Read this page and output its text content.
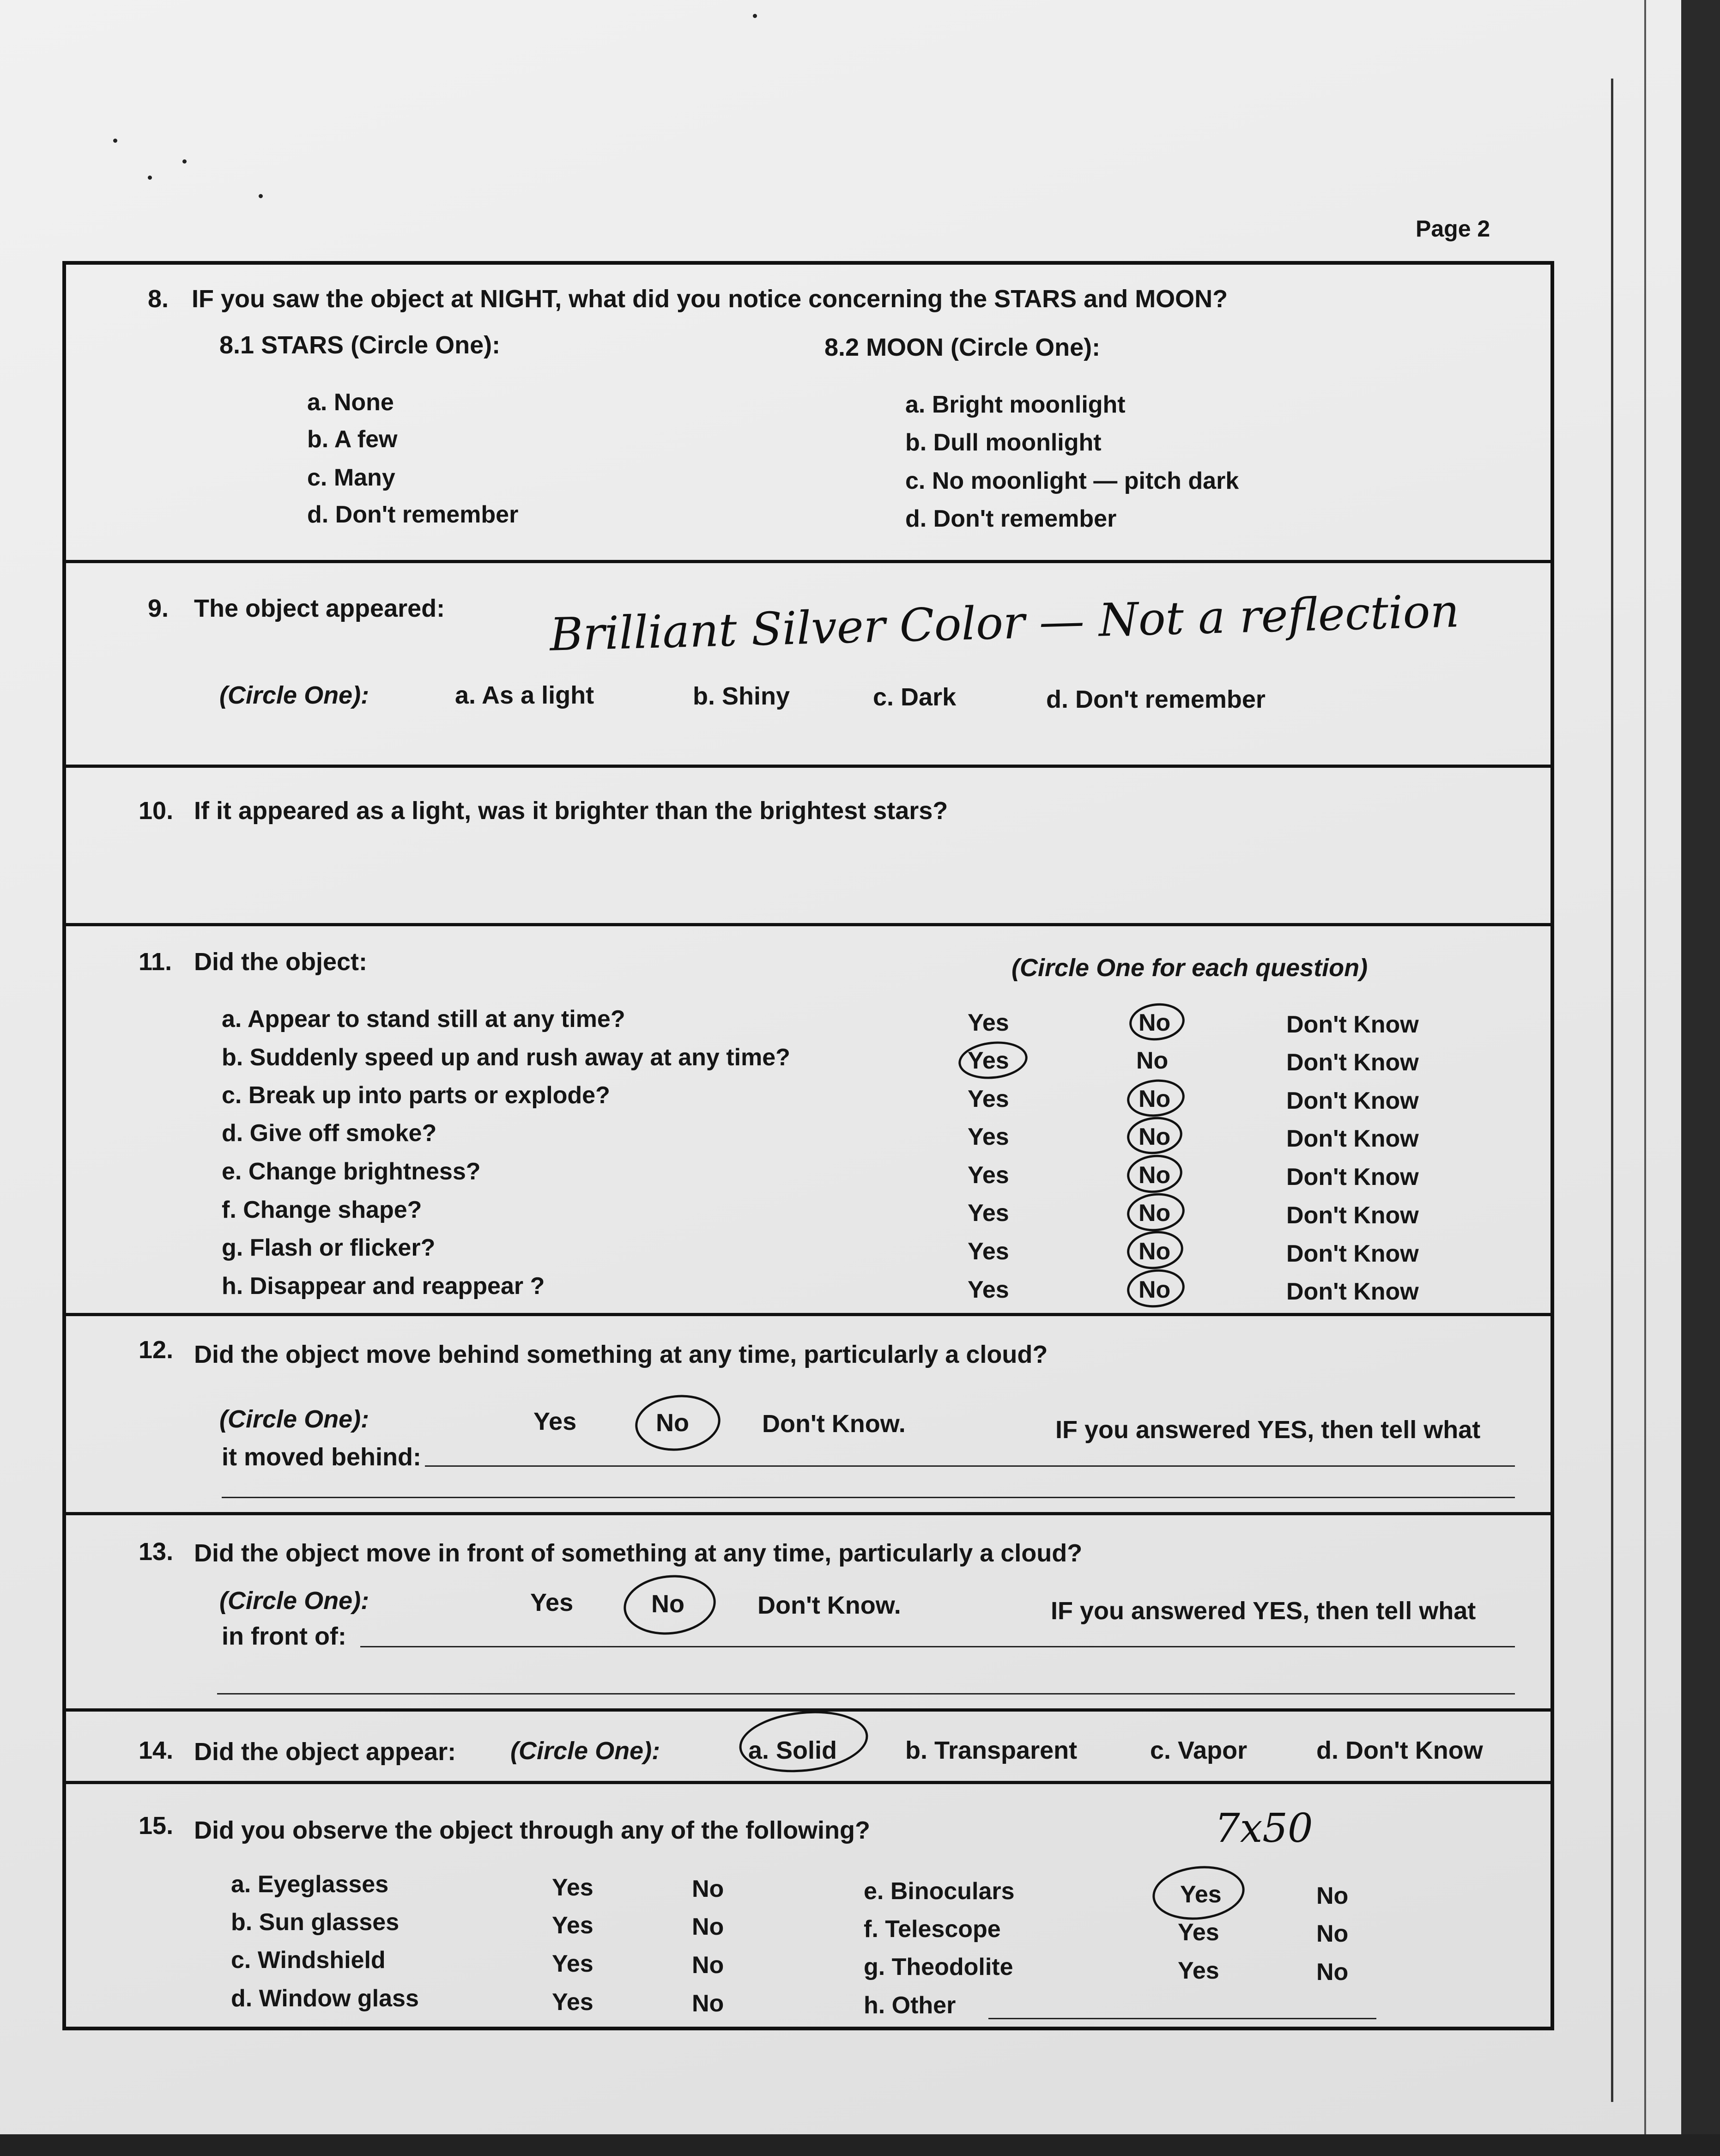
Page 2
8. IF you saw the object at NIGHT, what did you notice concerning the STARS and MOON?
8.1 STARS (Circle One):	8.2 MOON (Circle One):
a. None
b. A few
c. Many
d. Don't remember
a. Bright moonlight
b. Dull moonlight
c. No moonlight — pitch dark
d. Don't remember
9. The object appeared: Brilliant Silver Color — Not a reflection
(Circle One):	a. As a light	b. Shiny	c. Dark	d. Don't remember
10. If it appeared as a light, was it brighter than the brightest stars?
11. Did the object:	(Circle One for each question)
a. Appear to stand still at any time?	Yes	No	Don't Know
b. Suddenly speed up and rush away at any time?	Yes	No	Don't Know
c. Break up into parts or explode?	Yes	No	Don't Know
d. Give off smoke?	Yes	No	Don't Know
e. Change brightness?	Yes	No	Don't Know
f. Change shape?	Yes	No	Don't Know
g. Flash or flicker?	Yes	No	Don't Know
h. Disappear and reappear ?	Yes	No	Don't Know
12. Did the object move behind something at any time, particularly a cloud?
(Circle One):	Yes	No	Don't Know.	IF you answered YES, then tell what
it moved behind:
13. Did the object move in front of something at any time, particularly a cloud?
(Circle One):	Yes	No	Don't Know.	IF you answered YES, then tell what
in front of:
14. Did the object appear: (Circle One):	a. Solid	b. Transparent	c. Vapor	d. Don't Know
15. Did you observe the object through any of the following?	7x50
a. Eyeglasses	Yes	No
b. Sun glasses	Yes	No
c. Windshield	Yes	No
d. Window glass	Yes	No
e. Binoculars	Yes	No
f. Telescope	Yes	No
g. Theodolite	Yes	No
h. Other
